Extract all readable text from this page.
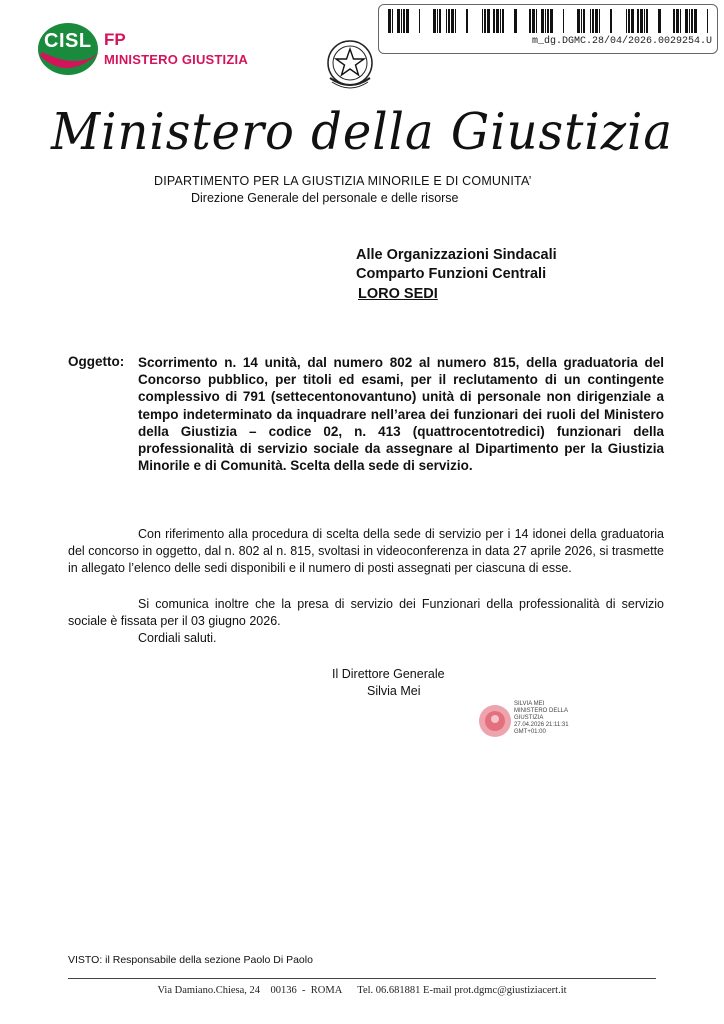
CISL FP
MINISTERO GIUSTIZIA
m_dg.DGMC.28/04/2026.0029254.U
Ministero della Giustizia
DIPARTIMENTO PER LA GIUSTIZIA MINORILE E DI COMUNITA’
Direzione Generale del personale e delle risorse
Alle Organizzazioni Sindacali
Comparto Funzioni Centrali
LORO SEDI
Oggetto: Scorrimento n. 14 unità, dal numero 802 al numero 815, della graduatoria del Concorso pubblico, per titoli ed esami, per il reclutamento di un contingente complessivo di 791 (settecentonovantuno) unità di personale non dirigenziale a tempo indeterminato da inquadrare nell’area dei funzionari dei ruoli del Ministero della Giustizia – codice 02, n. 413 (quattrocentotredici) funzionari della professionalità di servizio sociale da assegnare al Dipartimento per la Giustizia Minorile e di Comunità. Scelta della sede di servizio.
Con riferimento alla procedura di scelta della sede di servizio per i 14 idonei della graduatoria del concorso in oggetto, dal n. 802 al n. 815, svoltasi in videoconferenza in data 27 aprile 2026, si trasmette in allegato l’elenco delle sedi disponibili e il numero di posti assegnati per ciascuna di esse.
Si comunica inoltre che la presa di servizio dei Funzionari della professionalità di servizio sociale è fissata per il 03 giugno 2026.
Cordiali saluti.
Il Direttore Generale
Silvia Mei
SILVIA MEI
MINISTERO DELLA
GIUSTIZIA
27.04.2026 21:11:31
GMT+01:00
VISTO: il Responsabile della sezione Paolo Di Paolo
Via Damiano.Chiesa, 24    00136  -  ROMA      Tel. 06.681881 E-mail prot.dgmc@giustiziacert.it
